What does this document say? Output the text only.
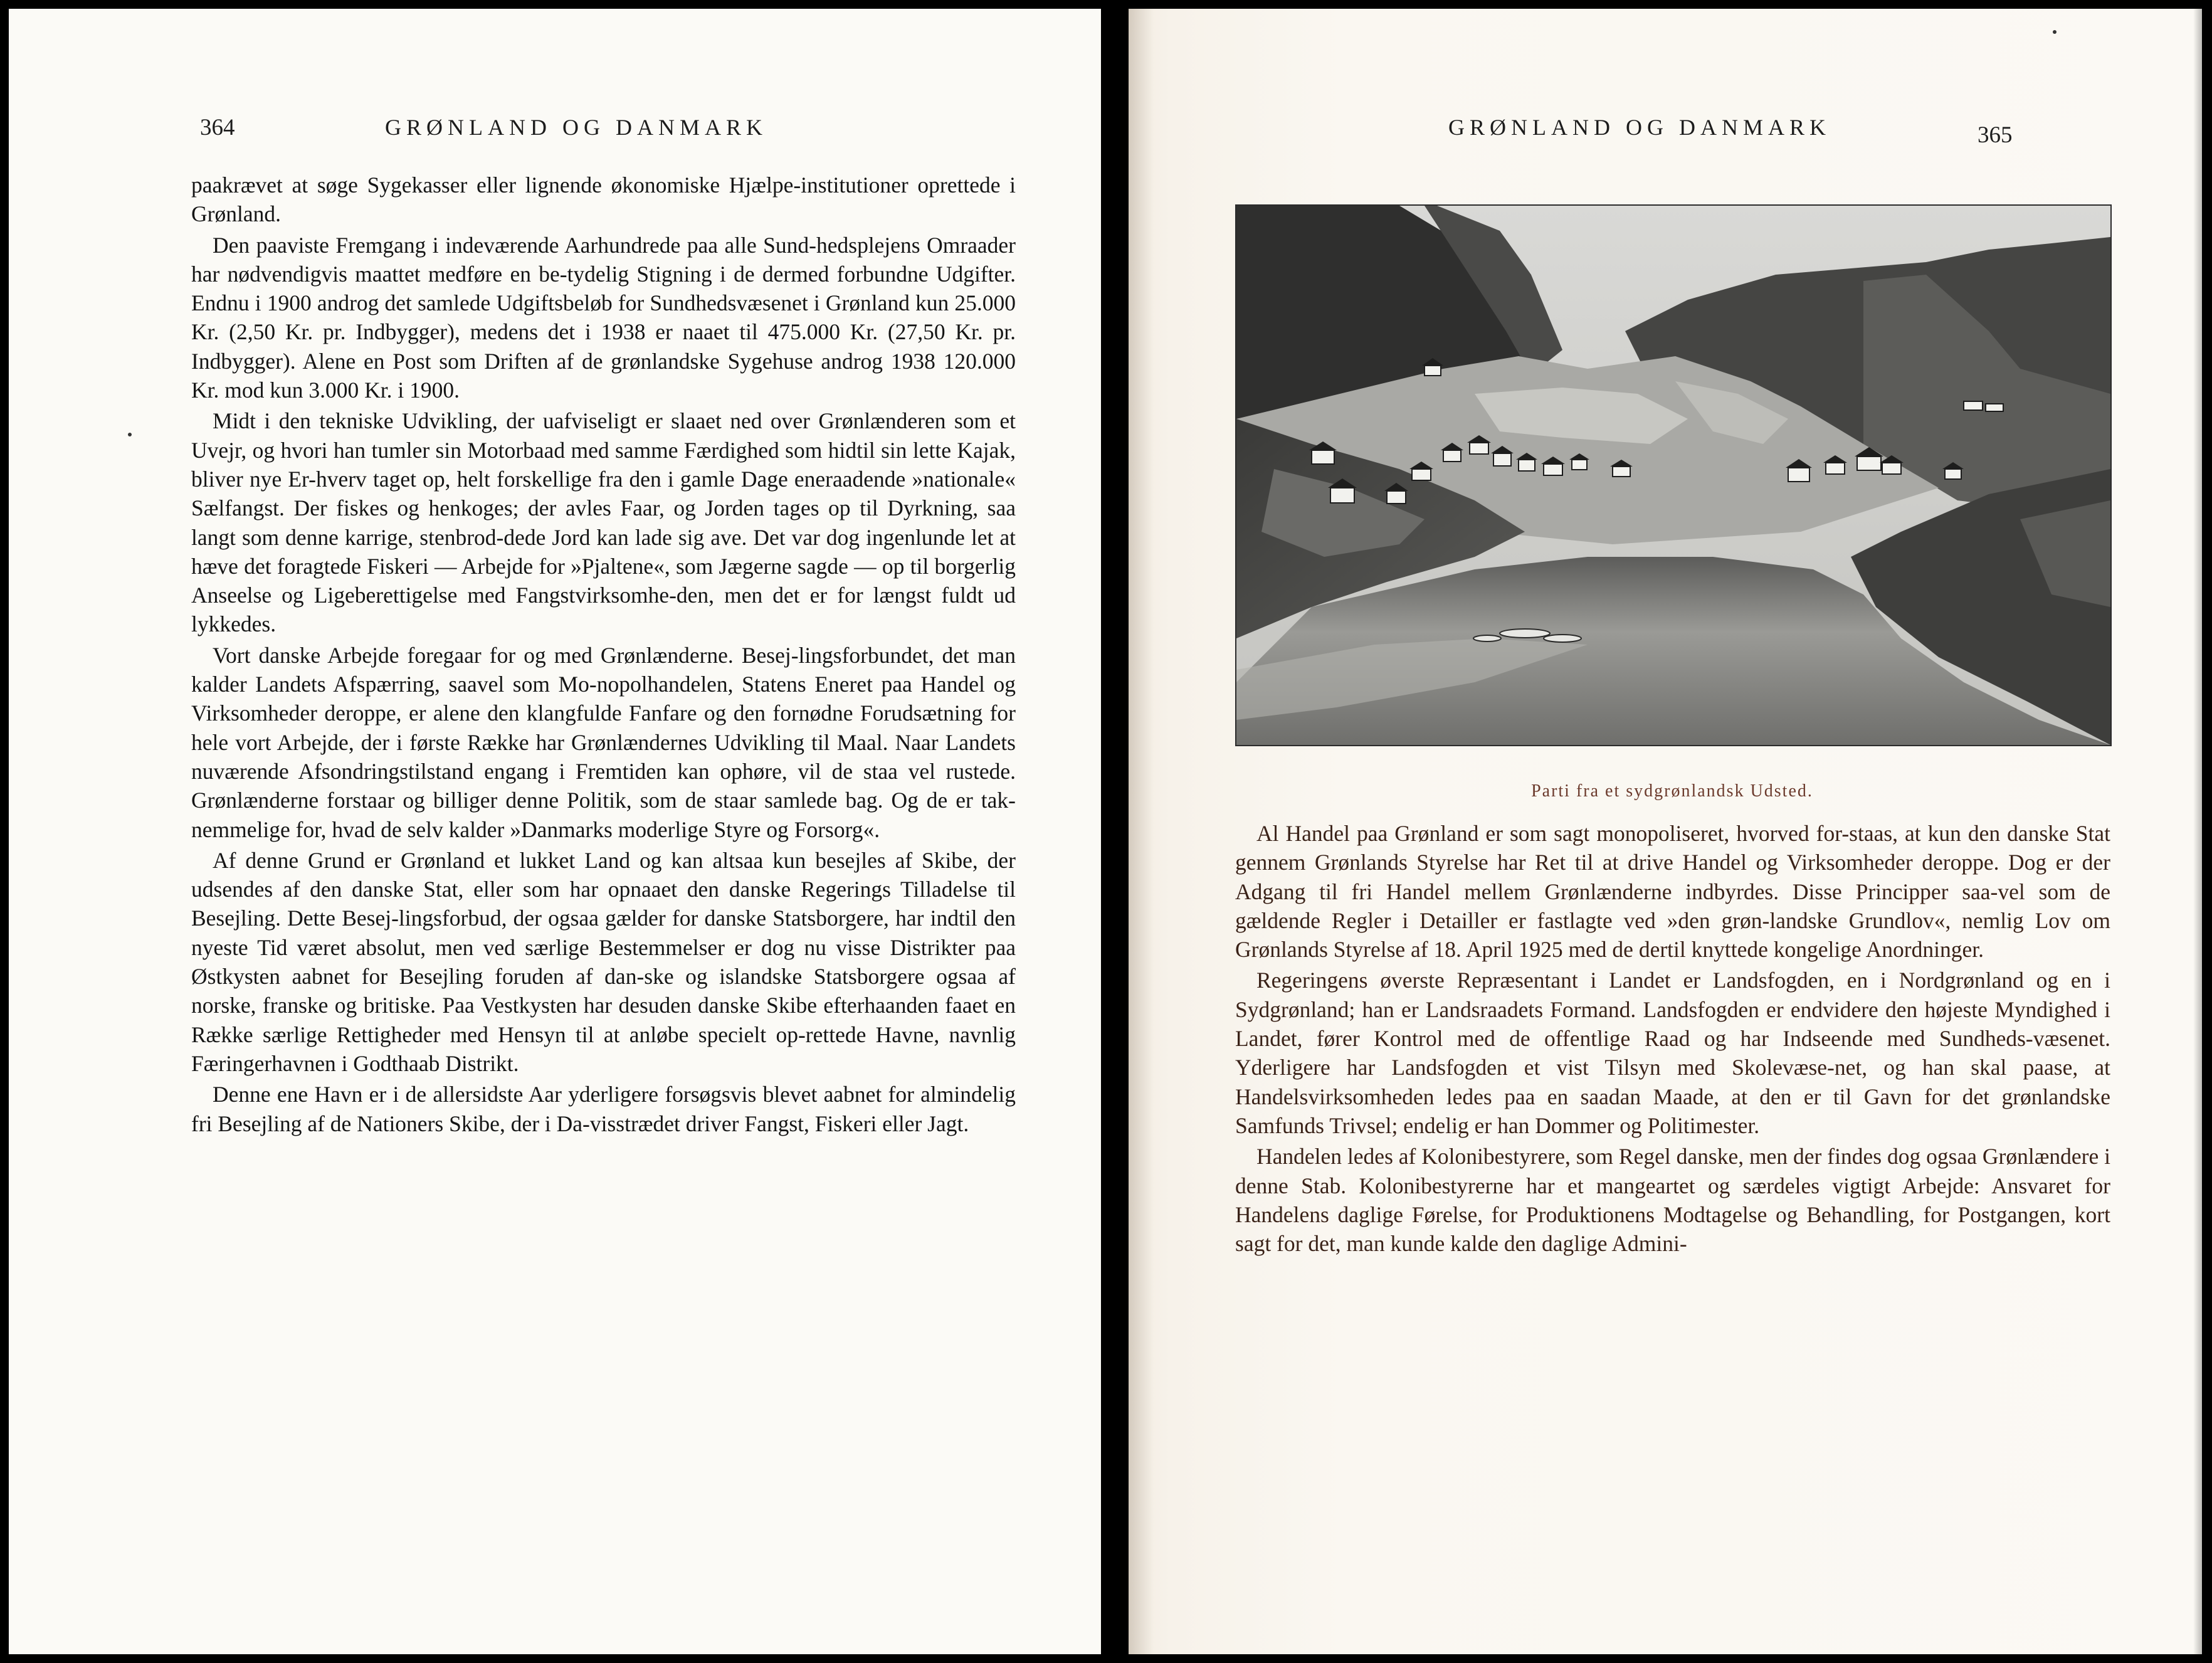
364	GRØNLAND OG DANMARK

paakrævet at søge Sygekasser eller lignende økonomiske Hjælpe-institutioner oprettede i Grønland.

Den paaviste Fremgang i indeværende Aarhundrede paa alle Sund-hedsplejens Omraader har nødvendigvis maattet medføre en be-tydelig Stigning i de dermed forbundne Udgifter. Endnu i 1900 androg det samlede Udgiftsbeløb for Sundhedsvæsenet i Grønland kun 25.000 Kr. (2,50 Kr. pr. Indbygger), medens det i 1938 er naaet til 475.000 Kr. (27,50 Kr. pr. Indbygger). Alene en Post som Driften af de grønlandske Sygehuse androg 1938 120.000 Kr. mod kun 3.000 Kr. i 1900.

Midt i den tekniske Udvikling, der uafviseligt er slaaet ned over Grønlænderen som et Uvejr, og hvori han tumler sin Motorbaad med samme Færdighed som hidtil sin lette Kajak, bliver nye Er-hverv taget op, helt forskellige fra den i gamle Dage eneraadende »nationale« Sælfangst. Der fiskes og henkoges; der avles Faar, og Jorden tages op til Dyrkning, saa langt som denne karrige, stenbrod-dede Jord kan lade sig ave. Det var dog ingenlunde let at hæve det foragtede Fiskeri — Arbejde for »Pjaltene«, som Jægerne sagde — op til borgerlig Anseelse og Ligeberettigelse med Fangstvirksomhe-den, men det er for længst fuldt ud lykkedes.

Vort danske Arbejde foregaar for og med Grønlænderne. Besej-lingsforbundet, det man kalder Landets Afspærring, saavel som Mo-nopolhandelen, Statens Eneret paa Handel og Virksomheder deroppe, er alene den klangfulde Fanfare og den fornødne Forudsætning for hele vort Arbejde, der i første Række har Grønlændernes Udvikling til Maal. Naar Landets nuværende Afsondringstilstand engang i Fremtiden kan ophøre, vil de staa vel rustede. Grønlænderne forstaar og billiger denne Politik, som de staar samlede bag. Og de er tak-nemmelige for, hvad de selv kalder »Danmarks moderlige Styre og Forsorg«.

Af denne Grund er Grønland et lukket Land og kan altsaa kun besejles af Skibe, der udsendes af den danske Stat, eller som har opnaaet den danske Regerings Tilladelse til Besejling. Dette Besej-lingsforbud, der ogsaa gælder for danske Statsborgere, har indtil den nyeste Tid været absolut, men ved særlige Bestemmelser er dog nu visse Distrikter paa Østkysten aabnet for Besejling foruden af dan-ske og islandske Statsborgere ogsaa af norske, franske og britiske. Paa Vestkysten har desuden danske Skibe efterhaanden faaet en Række særlige Rettigheder med Hensyn til at anløbe specielt op-rettede Havne, navnlig Færingerhavnen i Godthaab Distrikt.

Denne ene Havn er i de allersidste Aar yderligere forsøgsvis blevet aabnet for almindelig fri Besejling af de Nationers Skibe, der i Da-visstrædet driver Fangst, Fiskeri eller Jagt.

GRØNLAND OG DANMARK	365
Parti fra et sydgrønlandsk Udsted.

Al Handel paa Grønland er som sagt monopoliseret, hvorved for-staas, at kun den danske Stat gennem Grønlands Styrelse har Ret til at drive Handel og Virksomheder deroppe. Dog er der Adgang til fri Handel mellem Grønlænderne indbyrdes. Disse Principper saa-vel som de gældende Regler i Detailler er fastlagte ved »den grøn-landske Grundlov«, nemlig Lov om Grønlands Styrelse af 18. April 1925 med de dertil knyttede kongelige Anordninger.

Regeringens øverste Repræsentant i Landet er Landsfogden, en i Nordgrønland og en i Sydgrønland; han er Landsraadets Formand. Landsfogden er endvidere den højeste Myndighed i Landet, fører Kontrol med de offentlige Raad og har Indseende med Sundheds-væsenet. Yderligere har Landsfogden et vist Tilsyn med Skolevæse-net, og han skal paase, at Handelsvirksomheden ledes paa en saadan Maade, at den er til Gavn for det grønlandske Samfunds Trivsel; endelig er han Dommer og Politimester.

Handelen ledes af Kolonibestyrere, som Regel danske, men der findes dog ogsaa Grønlændere i denne Stab. Kolonibestyrerne har et mangeartet og særdeles vigtigt Arbejde: Ansvaret for Handelens daglige Førelse, for Produktionens Modtagelse og Behandling, for Postgangen, kort sagt for det, man kunde kalde den daglige Admini-
